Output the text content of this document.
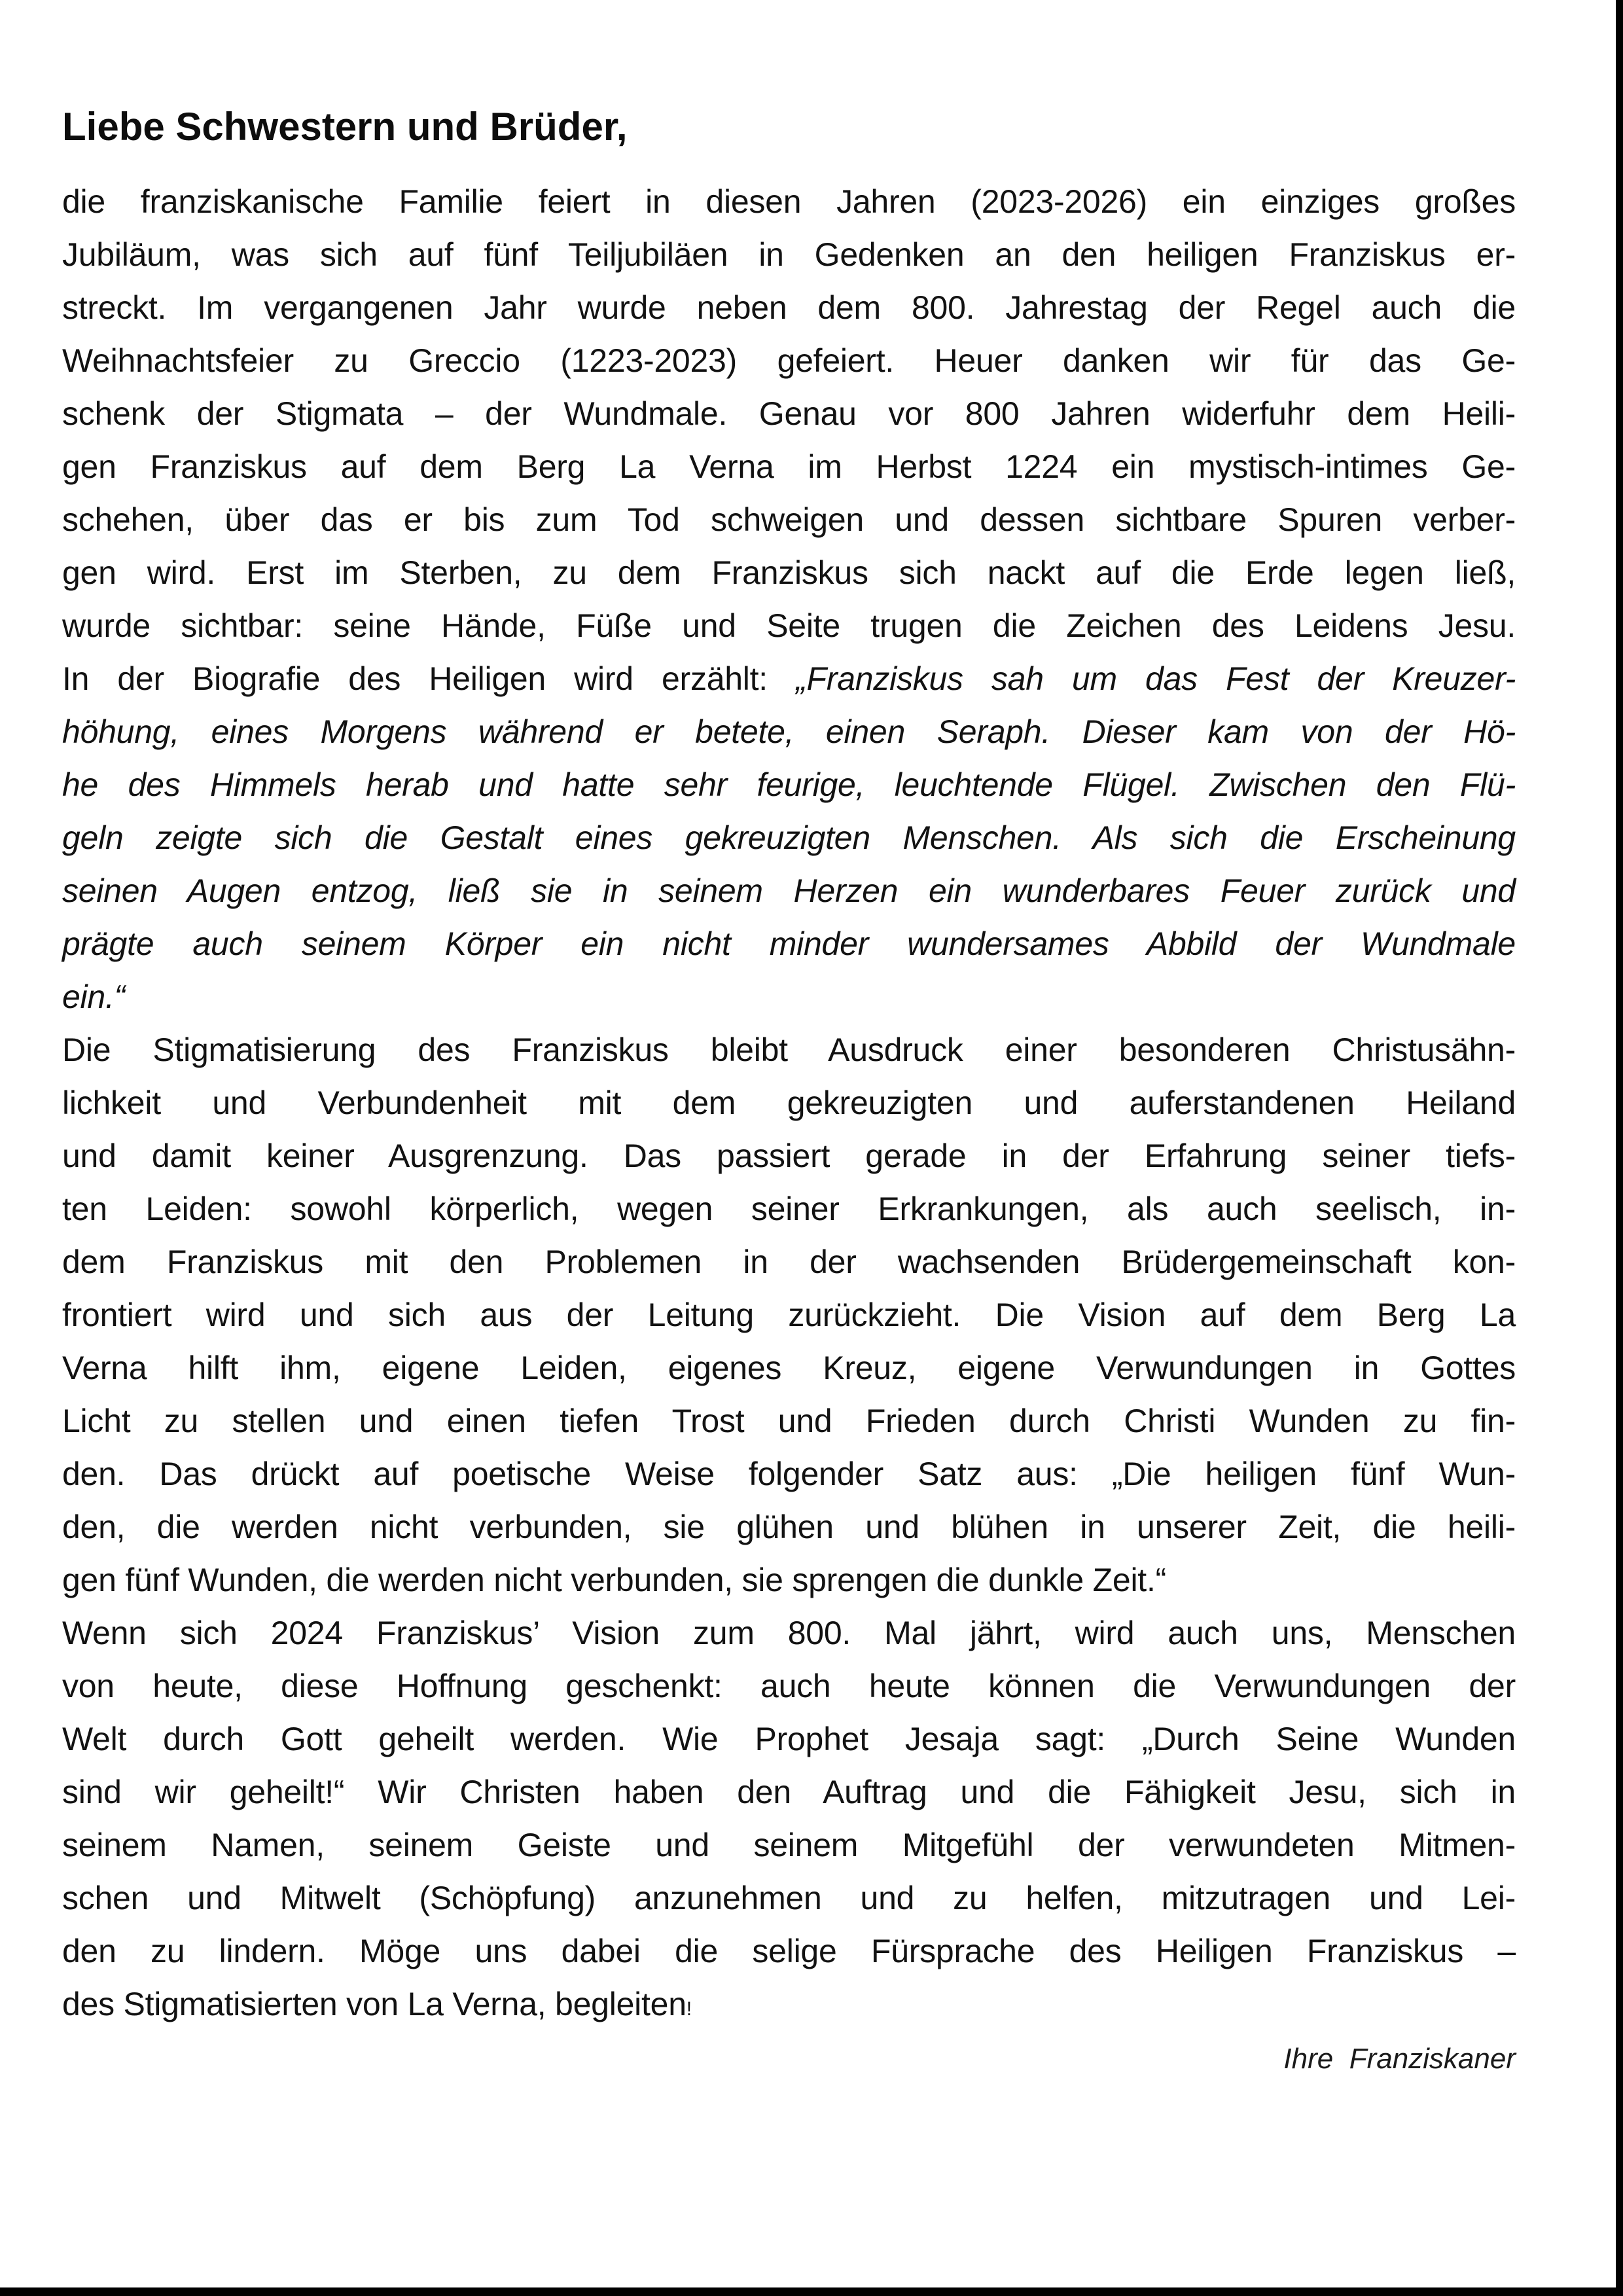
Liebe Schwestern und Brüder,
die franziskanische Familie feiert in diesen Jahren (2023-2026) ein einziges großes
Jubiläum, was sich auf fünf Teiljubiläen in Gedenken an den heiligen Franziskus er-
streckt. Im vergangenen Jahr wurde neben dem 800. Jahrestag der Regel auch die
Weihnachtsfeier zu Greccio (1223-2023) gefeiert. Heuer danken wir für das Ge-
schenk der Stigmata – der Wundmale. Genau vor 800 Jahren widerfuhr dem Heili-
gen Franziskus auf dem Berg La Verna im Herbst 1224 ein mystisch-intimes Ge-
schehen, über das er bis zum Tod schweigen und dessen sichtbare Spuren verber-
gen wird. Erst im Sterben, zu dem Franziskus sich nackt auf die Erde legen ließ,
wurde sichtbar: seine Hände, Füße und Seite trugen die Zeichen des Leidens Jesu.
In der Biografie des Heiligen wird erzählt: „Franziskus sah um das Fest der Kreuzer-
höhung, eines Morgens während er betete, einen Seraph. Dieser kam von der Hö-
he des Himmels herab und hatte sehr feurige, leuchtende Flügel. Zwischen den Flü-
geln zeigte sich die Gestalt eines gekreuzigten Menschen. Als sich die Erscheinung
seinen Augen entzog, ließ sie in seinem Herzen ein wunderbares Feuer zurück und
prägte auch seinem Körper ein nicht minder wundersames Abbild der Wundmale
ein.“
Die Stigmatisierung des Franziskus bleibt Ausdruck einer besonderen Christusähn-
lichkeit und Verbundenheit mit dem gekreuzigten und auferstandenen Heiland
und damit keiner Ausgrenzung. Das passiert gerade in der Erfahrung seiner tiefs-
ten Leiden: sowohl körperlich, wegen seiner Erkrankungen, als auch seelisch, in-
dem Franziskus mit den Problemen in der wachsenden Brüdergemeinschaft kon-
frontiert wird und sich aus der Leitung zurückzieht. Die Vision auf dem Berg La
Verna hilft ihm, eigene Leiden, eigenes Kreuz, eigene Verwundungen in Gottes
Licht zu stellen und einen tiefen Trost und Frieden durch Christi Wunden zu fin-
den. Das drückt auf poetische Weise folgender Satz aus: „Die heiligen fünf Wun-
den, die werden nicht verbunden, sie glühen und blühen in unserer Zeit, die heili-
gen fünf Wunden, die werden nicht verbunden, sie sprengen die dunkle Zeit.“
Wenn sich 2024 Franziskus’ Vision zum 800. Mal jährt, wird auch uns, Menschen
von heute, diese Hoffnung geschenkt: auch heute können die Verwundungen der
Welt durch Gott geheilt werden. Wie Prophet Jesaja sagt: „Durch Seine Wunden
sind wir geheilt!“ Wir Christen haben den Auftrag und die Fähigkeit Jesu, sich in
seinem Namen, seinem Geiste und seinem Mitgefühl der verwundeten Mitmen-
schen und Mitwelt (Schöpfung) anzunehmen und zu helfen, mitzutragen und Lei-
den zu lindern. Möge uns dabei die selige Fürsprache des Heiligen Franziskus –
des Stigmatisierten von La Verna, begleiten!
Ihre  Franziskaner
